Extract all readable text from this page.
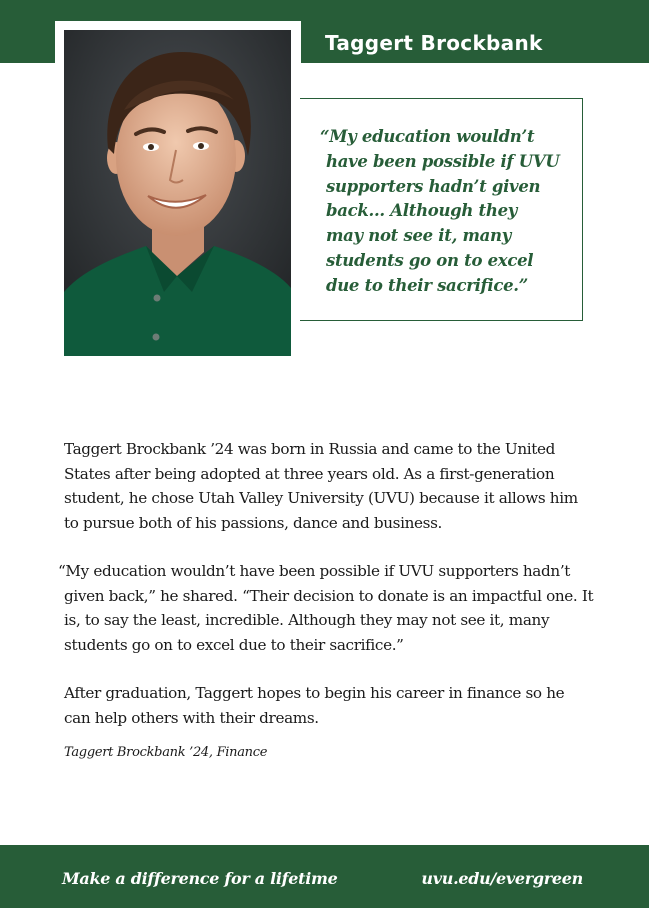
Taggert Brockbank

“My education wouldn’t
have been possible if UVU
supporters hadn’t given
back... Although they
may not see it, many
students go on to excel
due to their sacrifice.”

Taggert Brockbank ’24 was born in Russia and came to the United States after being adopted at three years old. As a first-generation student, he chose Utah Valley University (UVU) because it allows him to pursue both of his passions, dance and business.

“My education wouldn’t have been possible if UVU supporters hadn’t given back,” he shared. “Their decision to donate is an impactful one. It is, to say the least, incredible. Although they may not see it, many students go on to excel due to their sacrifice.”

After graduation, Taggert hopes to begin his career in finance so he can help others with their dreams.

Taggert Brockbank ’24, Finance

Make a difference for a lifetime	uvu.edu/evergreen
